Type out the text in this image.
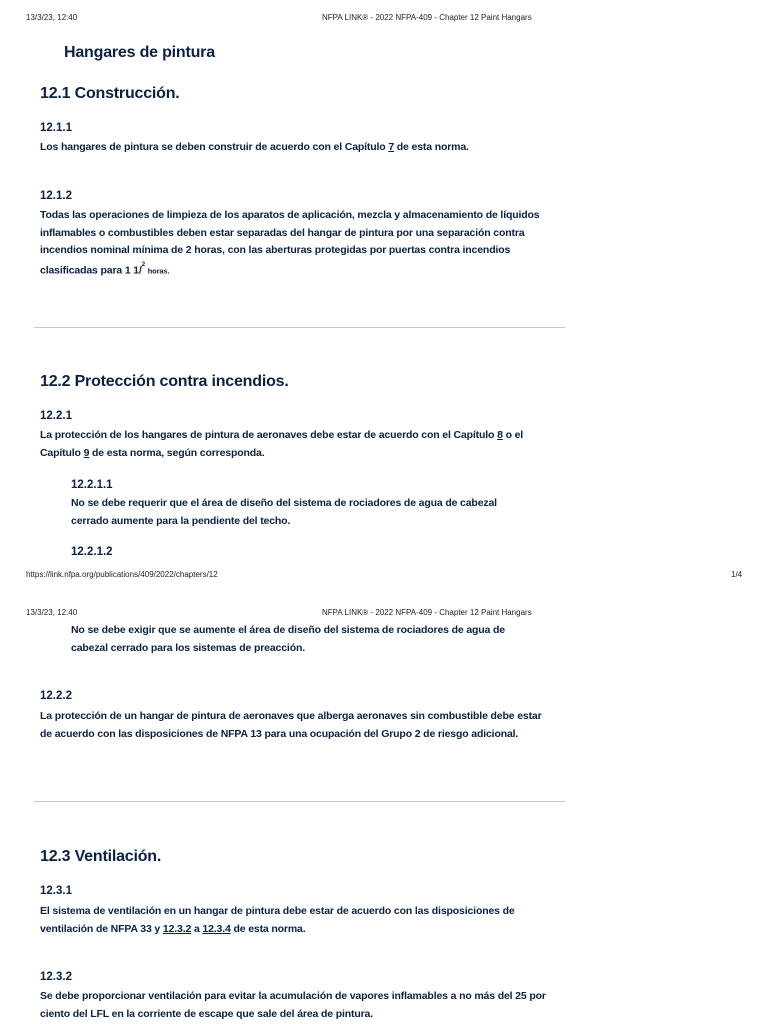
13/3/23, 12:40	NFPA LINK® - 2022 NFPA-409 - Chapter 12 Paint Hangars
Hangares de pintura
12.1 Construcción.
12.1.1
Los hangares de pintura se deben construir de acuerdo con el Capítulo 7 de esta norma.
12.1.2
Todas las operaciones de limpieza de los aparatos de aplicación, mezcla y almacenamiento de líquidos inflamables o combustibles deben estar separadas del hangar de pintura por una separación contra incendios nominal mínima de 2 horas, con las aberturas protegidas por puertas contra incendios clasificadas para 1 1/$^2$ horas.
12.2 Protección contra incendios.
12.2.1
La protección de los hangares de pintura de aeronaves debe estar de acuerdo con el Capítulo 8 o el Capítulo 9 de esta norma, según corresponda.
12.2.1.1
No se debe requerir que el área de diseño del sistema de rociadores de agua de cabezal cerrado aumente para la pendiente del techo.
12.2.1.2
https://link.nfpa.org/publications/409/2022/chapters/12	1/4
13/3/23, 12:40	NFPA LINK® - 2022 NFPA-409 - Chapter 12 Paint Hangars
No se debe exigir que se aumente el área de diseño del sistema de rociadores de agua de cabezal cerrado para los sistemas de preacción.
12.2.2
La protección de un hangar de pintura de aeronaves que alberga aeronaves sin combustible debe estar de acuerdo con las disposiciones de NFPA 13 para una ocupación del Grupo 2 de riesgo adicional.
12.3 Ventilación.
12.3.1
El sistema de ventilación en un hangar de pintura debe estar de acuerdo con las disposiciones de ventilación de NFPA 33 y 12.3.2 a 12.3.4 de esta norma.
12.3.2
Se debe proporcionar ventilación para evitar la acumulación de vapores inflamables a no más del 25 por ciento del LFL en la corriente de escape que sale del área de pintura.
